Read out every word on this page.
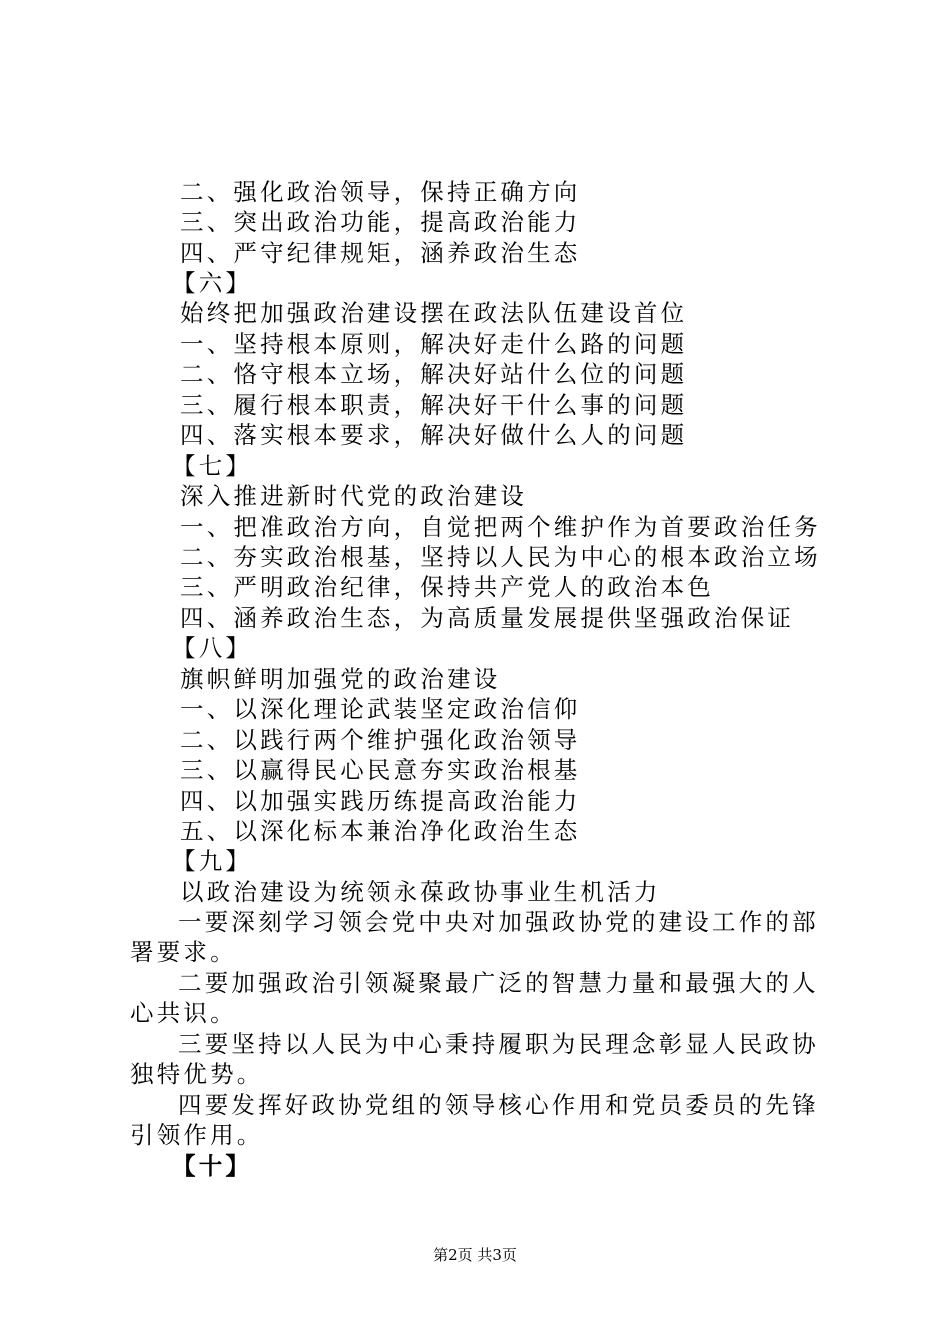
二、强化政治领导，保持正确方向
三、突出政治功能，提高政治能力
四、严守纪律规矩，涵养政治生态
【六】
始终把加强政治建设摆在政法队伍建设首位
一、坚持根本原则，解决好走什么路的问题
二、恪守根本立场，解决好站什么位的问题
三、履行根本职责，解决好干什么事的问题
四、落实根本要求，解决好做什么人的问题
【七】
深入推进新时代党的政治建设
一、把准政治方向，自觉把两个维护作为首要政治任务
二、夯实政治根基，坚持以人民为中心的根本政治立场
三、严明政治纪律，保持共产党人的政治本色
四、涵养政治生态，为高质量发展提供坚强政治保证
【八】
旗帜鲜明加强党的政治建设
一、以深化理论武装坚定政治信仰
二、以践行两个维护强化政治领导
三、以赢得民心民意夯实政治根基
四、以加强实践历练提高政治能力
五、以深化标本兼治净化政治生态
【九】
以政治建设为统领永葆政协事业生机活力
一要深刻学习领会党中央对加强政协党的建设工作的部署要求。
二要加强政治引领凝聚最广泛的智慧力量和最强大的人心共识。
三要坚持以人民为中心秉持履职为民理念彰显人民政协独特优势。
四要发挥好政协党组的领导核心作用和党员委员的先锋引领作用。
【十】
第2页 共3页
